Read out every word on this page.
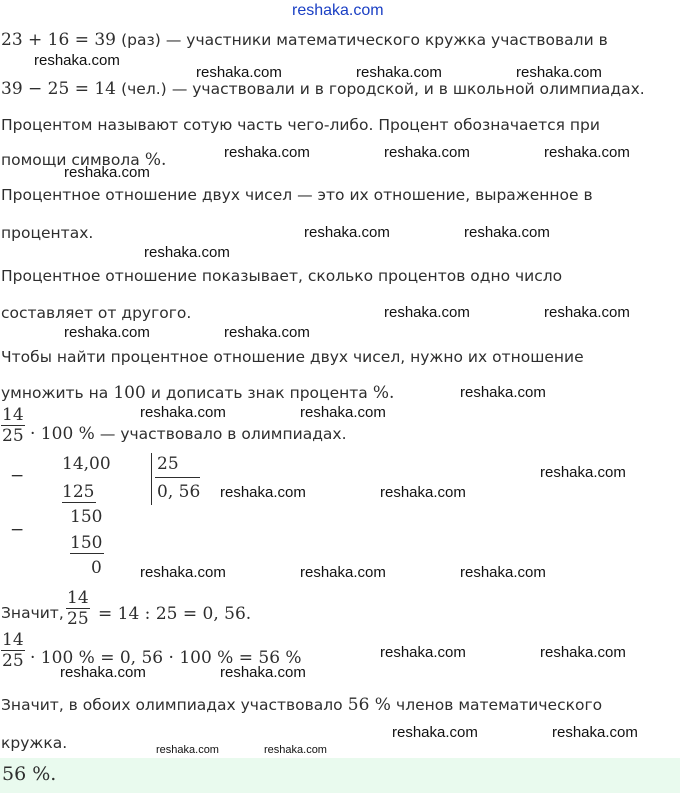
reshaka.com
23 + 16 = 39 (раз) — участники математического кружка участвовали в
39 − 25 = 14 (чел.) — участвовали и в городской, и в школьной олимпиадах.
Процентом называют сотую часть чего-либо. Процент обозначается при
помощи символа %.
Процентное отношение двух чисел — это их отношение, выраженное в
процентах.
Процентное отношение показывает, сколько процентов одно число
составляет от другого.
Чтобы найти процентное отношение двух чисел, нужно их отношение
умножить на 100 и дописать знак процента %.
14
25 · 100 % — участвовало в олимпиадах.
−
14,00
125
25
0, 56
−
150
150
0
Значит,
14
25 = 14 : 25 = 0, 56.
14
25 · 100 % = 0, 56 · 100 % = 56 %
Значит, в обоих олимпиадах участвовало 56 % членов математического
кружка.
56 %.
reshaka.com
reshaka.com	reshaka.com	reshaka.com
reshaka.com	reshaka.com	reshaka.com
reshaka.com
reshaka.com	reshaka.com
reshaka.com
reshaka.com	reshaka.com
reshaka.com	reshaka.com
reshaka.com
reshaka.com	reshaka.com
reshaka.com
reshaka.com	reshaka.com
reshaka.com	reshaka.com	reshaka.com
reshaka.com	reshaka.com
reshaka.com	reshaka.com
reshaka.com	reshaka.com
reshaka.com	reshaka.com
